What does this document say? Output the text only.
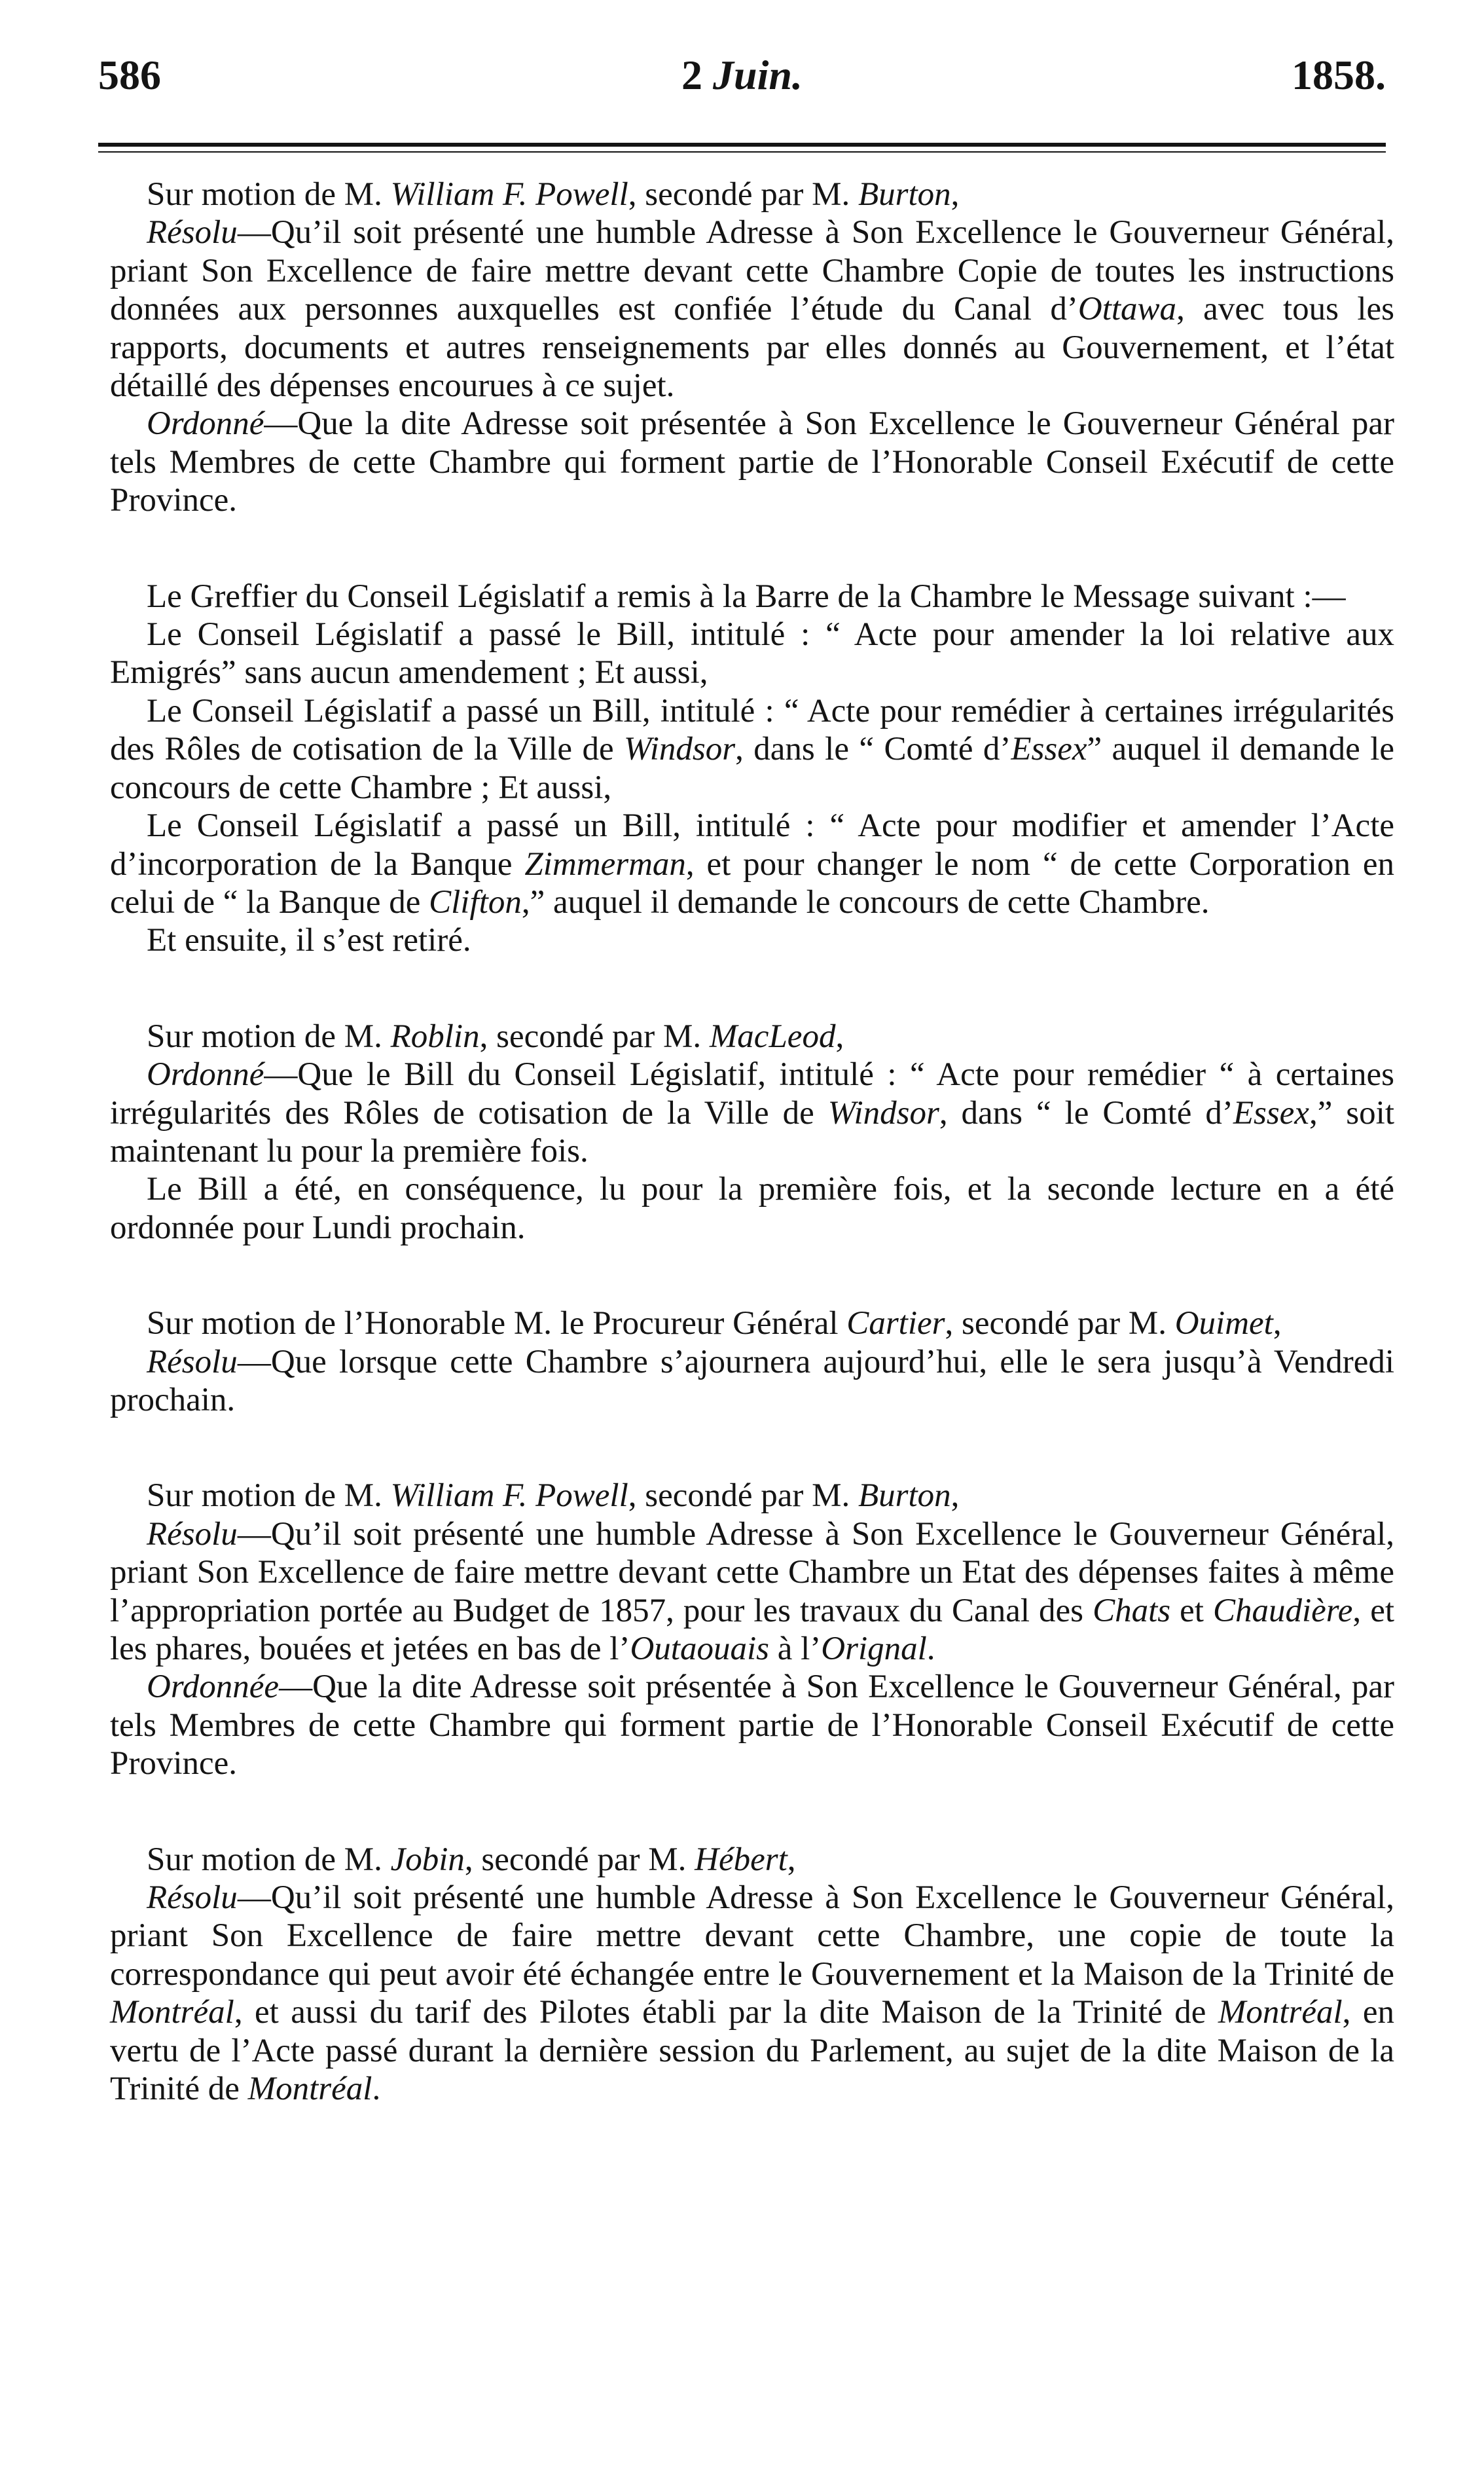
586	2 Juin.	1858.

Sur motion de M. William F. Powell, secondé par M. Burton,

Résolu—Qu’il soit présenté une humble Adresse à Son Excellence le Gouverneur Général, priant Son Excellence de faire mettre devant cette Chambre Copie de toutes les instructions données aux personnes auxquelles est confiée l’étude du Canal d’Ottawa, avec tous les rapports, documents et autres renseignements par elles donnés au Gouvernement, et l’état détaillé des dépenses encourues à ce sujet.

Ordonné—Que la dite Adresse soit présentée à Son Excellence le Gouverneur Général par tels Membres de cette Chambre qui forment partie de l’Honorable Conseil Exécutif de cette Province.

Le Greffier du Conseil Législatif a remis à la Barre de la Chambre le Message suivant :—

Le Conseil Législatif a passé le Bill, intitulé : “ Acte pour amender la loi relative aux Emigrés” sans aucun amendement ; Et aussi,

Le Conseil Législatif a passé un Bill, intitulé : “ Acte pour remédier à certaines irrégularités des Rôles de cotisation de la Ville de Windsor, dans le “ Comté d’Essex” auquel il demande le concours de cette Chambre ; Et aussi,

Le Conseil Législatif a passé un Bill, intitulé : “ Acte pour modifier et amender l’Acte d’incorporation de la Banque Zimmerman, et pour changer le nom “ de cette Corporation en celui de “ la Banque de Clifton,” auquel il demande le concours de cette Chambre.

Et ensuite, il s’est retiré.

Sur motion de M. Roblin, secondé par M. MacLeod,

Ordonné—Que le Bill du Conseil Législatif, intitulé : “ Acte pour remédier “ à certaines irrégularités des Rôles de cotisation de la Ville de Windsor, dans “ le Comté d’Essex,” soit maintenant lu pour la première fois.

Le Bill a été, en conséquence, lu pour la première fois, et la seconde lecture en a été ordonnée pour Lundi prochain.

Sur motion de l’Honorable M. le Procureur Général Cartier, secondé par M. Ouimet,

Résolu—Que lorsque cette Chambre s’ajournera aujourd’hui, elle le sera jusqu’à Vendredi prochain.

Sur motion de M. William F. Powell, secondé par M. Burton,

Résolu—Qu’il soit présenté une humble Adresse à Son Excellence le Gouverneur Général, priant Son Excellence de faire mettre devant cette Chambre un Etat des dépenses faites à même l’appropriation portée au Budget de 1857, pour les travaux du Canal des Chats et Chaudière, et les phares, bouées et jetées en bas de l’Outaouais à l’Orignal.

Ordonnée—Que la dite Adresse soit présentée à Son Excellence le Gouverneur Général, par tels Membres de cette Chambre qui forment partie de l’Honorable Conseil Exécutif de cette Province.

Sur motion de M. Jobin, secondé par M. Hébert,

Résolu—Qu’il soit présenté une humble Adresse à Son Excellence le Gouverneur Général, priant Son Excellence de faire mettre devant cette Chambre, une copie de toute la correspondance qui peut avoir été échangée entre le Gouvernement et la Maison de la Trinité de Montréal, et aussi du tarif des Pilotes établi par la dite Maison de la Trinité de Montréal, en vertu de l’Acte passé durant la dernière session du Parlement, au sujet de la dite Maison de la Trinité de Montréal.
